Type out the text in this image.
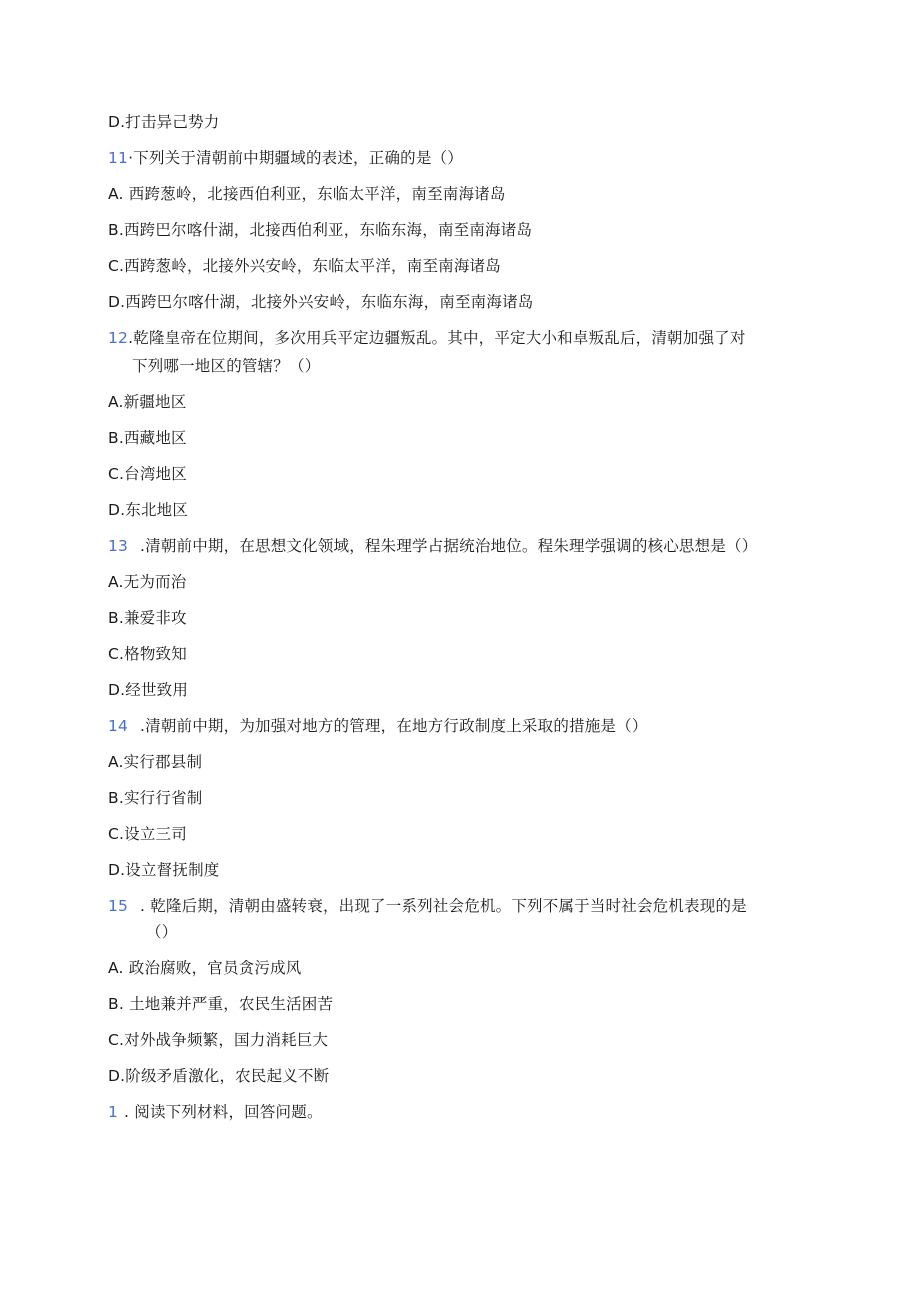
D.打击异己势力
11·下列关于清朝前中期疆域的表述，正确的是（）
A. 西跨葱岭，北接西伯利亚，东临太平洋，南至南海诸岛
B.西跨巴尔喀什湖，北接西伯利亚，东临东海，南至南海诸岛
C.西跨葱岭，北接外兴安岭，东临太平洋，南至南海诸岛
D.西跨巴尔喀什湖，北接外兴安岭，东临东海，南至南海诸岛
12.乾隆皇帝在位期间，多次用兵平定边疆叛乱。其中，平定大小和卓叛乱后，清朝加强了对
下列哪一地区的管辖？（）
A.新疆地区
B.西藏地区
C.台湾地区
D.东北地区
13 .清朝前中期，在思想文化领域，程朱理学占据统治地位。程朱理学强调的核心思想是（）
A.无为而治
B.兼爱非攻
C.格物致知
D.经世致用
14 .清朝前中期，为加强对地方的管理，在地方行政制度上采取的措施是（）
A.实行郡县制
B.实行行省制
C.设立三司
D.设立督抚制度
15 . 乾隆后期，清朝由盛转衰，出现了一系列社会危机。下列不属于当时社会危机表现的是
（）
A. 政治腐败，官员贪污成风
B. 土地兼并严重，农民生活困苦
C.对外战争频繁，国力消耗巨大
D.阶级矛盾激化，农民起义不断
1 . 阅读下列材料，回答问题。
